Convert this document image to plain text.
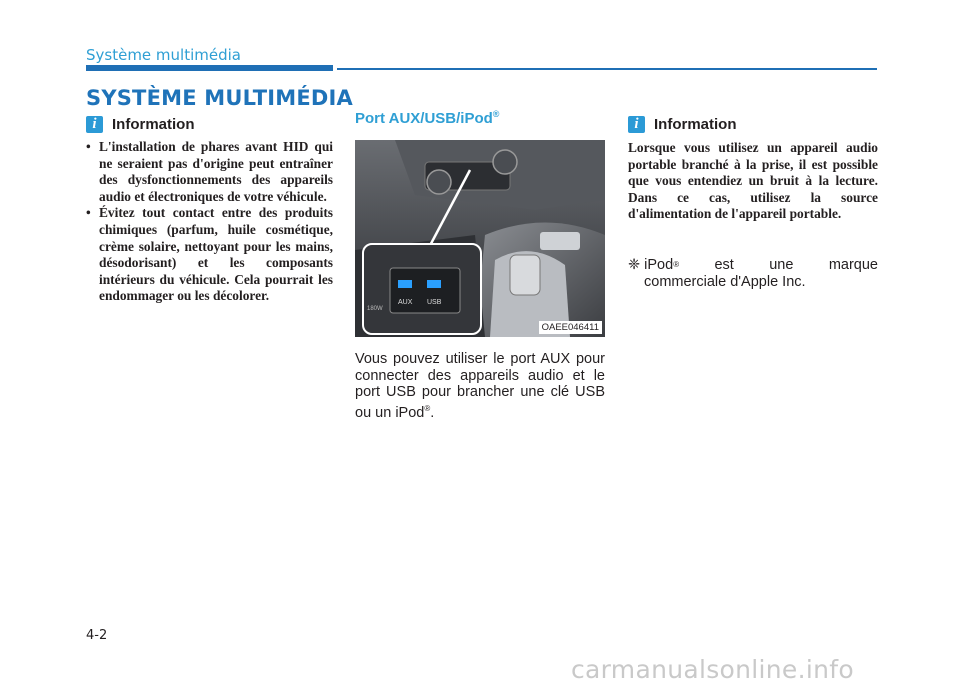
Système multimédia
SYSTÈME MULTIMÉDIA
i	Information
• L'installation de phares avant HID qui ne seraient pas d'origine peut entraîner des dysfonctionnements des appareils audio et électroniques de votre véhicule.
• Évitez tout contact entre des produits chimiques (parfum, huile cosmétique, crème solaire, nettoyant pour les mains, désodorisant) et les composants intérieurs du véhicule. Cela pourrait les endommager ou les décolorer.
Port AUX/USB/iPod®
AUX USB
180W
OAEE046411
Vous pouvez utiliser le port AUX pour connecter des appareils audio et le port USB pour brancher une clé USB ou un iPod®.
i	Information
Lorsque vous utilisez un appareil audio portable branché à la prise, il est possible que vous entendiez un bruit à la lecture. Dans ce cas, utilisez la source d'alimentation de l'appareil portable.
❈ iPod ® est une marque
commerciale d'Apple Inc.
4-2
carmanualsonline.info
